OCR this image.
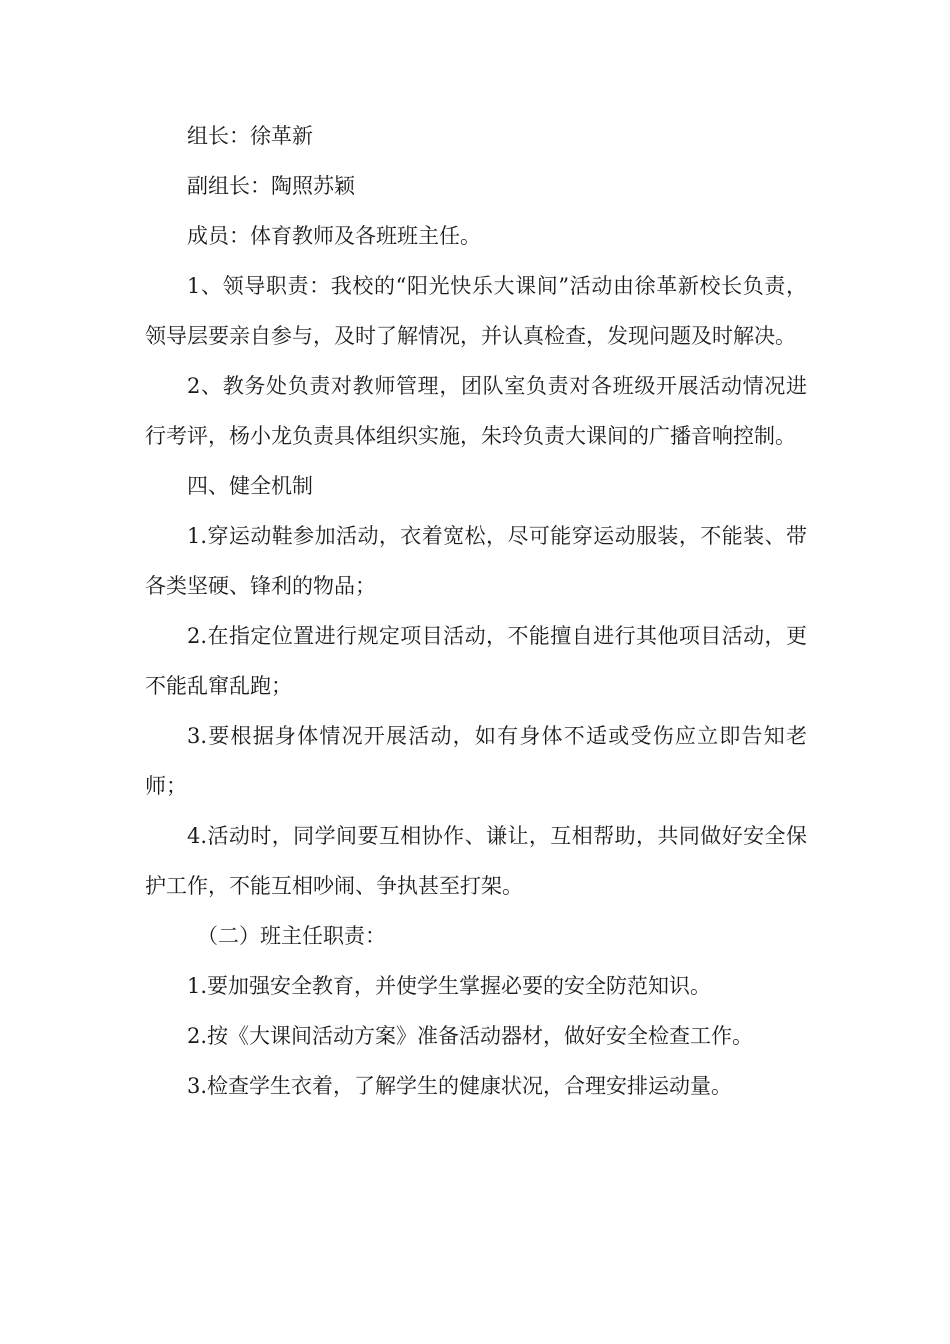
组长：徐革新

副组长：陶照苏颖

成员：体育教师及各班班主任。

1、领导职责：我校的“阳光快乐大课间”活动由徐革新校长负责，领导层要亲自参与，及时了解情况，并认真检查，发现问题及时解决。

2、教务处负责对教师管理，团队室负责对各班级开展活动情况进行考评，杨小龙负责具体组织实施，朱玲负责大课间的广播音响控制。

四、健全机制

1.穿运动鞋参加活动，衣着宽松，尽可能穿运动服装，不能装、带各类坚硬、锋利的物品；

2.在指定位置进行规定项目活动，不能擅自进行其他项目活动，更不能乱窜乱跑；

3.要根据身体情况开展活动，如有身体不适或受伤应立即告知老师；

4.活动时，同学间要互相协作、谦让，互相帮助，共同做好安全保护工作，不能互相吵闹、争执甚至打架。

（二）班主任职责：

1.要加强安全教育，并使学生掌握必要的安全防范知识。

2.按《大课间活动方案》准备活动器材，做好安全检查工作。

3.检查学生衣着，了解学生的健康状况，合理安排运动量。
